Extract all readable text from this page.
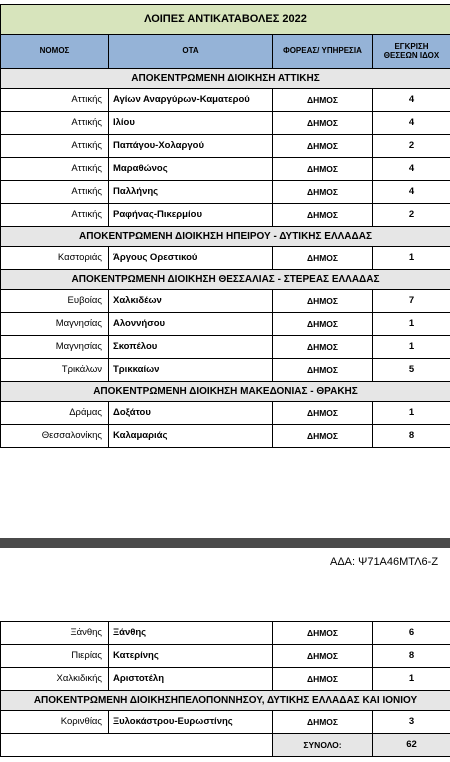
ΛΟΙΠΕΣ ΑΝΤΙΚΑΤΑΒΟΛΕΣ 2022			
ΝΟΜΟΣ	ΟΤΑ	ΦΟΡΕΑΣ/ ΥΠΗΡΕΣΙΑ	ΕΓΚΡΙΣΗ ΘΕΣΕΩΝ ΙΔΟΧ
ΑΠΟΚΕΝΤΡΩΜΕΝΗ ΔΙΟΙΚΗΣΗ ΑΤΤΙΚΗΣ			
Αττικής	Αγίων Αναργύρων-Καματερού	ΔΗΜΟΣ	4
Αττικής	Ιλίου	ΔΗΜΟΣ	4
Αττικής	Παπάγου-Χολαργού	ΔΗΜΟΣ	2
Αττικής	Μαραθώνος	ΔΗΜΟΣ	4
Αττικής	Παλλήνης	ΔΗΜΟΣ	4
Αττικής	Ραφήνας-Πικερμίου	ΔΗΜΟΣ	2
ΑΠΟΚΕΝΤΡΩΜΕΝΗ ΔΙΟΙΚΗΣΗ ΗΠΕΙΡΟΥ - ΔΥΤΙΚΗΣ ΕΛΛΑΔΑΣ			
Καστοριάς	Άργους Ορεστικού	ΔΗΜΟΣ	1
ΑΠΟΚΕΝΤΡΩΜΕΝΗ ΔΙΟΙΚΗΣΗ ΘΕΣΣΑΛΙΑΣ - ΣΤΕΡΕΑΣ ΕΛΛΑΔΑΣ			
Ευβοίας	Χαλκιδέων	ΔΗΜΟΣ	7
Μαγνησίας	Αλοννήσου	ΔΗΜΟΣ	1
Μαγνησίας	Σκοπέλου	ΔΗΜΟΣ	1
Τρικάλων	Τρικκαίων	ΔΗΜΟΣ	5
ΑΠΟΚΕΝΤΡΩΜΕΝΗ ΔΙΟΙΚΗΣΗ ΜΑΚΕΔΟΝΙΑΣ - ΘΡΑΚΗΣ			
Δράμας	Δοξάτου	ΔΗΜΟΣ	1
Θεσσαλονίκης	Καλαμαριάς	ΔΗΜΟΣ	8
ΑΔΑ: Ψ71Α46ΜΤΛ6-Ζ
Ξάνθης	Ξάνθης	ΔΗΜΟΣ	6
Πιερίας	Κατερίνης	ΔΗΜΟΣ	8
Χαλκιδικής	Αριστοτέλη	ΔΗΜΟΣ	1
ΑΠΟΚΕΝΤΡΩΜΕΝΗ ΔΙΟΙΚΗΣΗΠΕΛΟΠΟΝΝΗΣΟΥ, ΔΥΤΙΚΗΣ ΕΛΛΑΔΑΣ ΚΑΙ ΙΟΝΙΟΥ			
Κορινθίας	Ξυλοκάστρου-Ευρωστίνης	ΔΗΜΟΣ	3
		ΣΥΝΟΛΟ:	62
